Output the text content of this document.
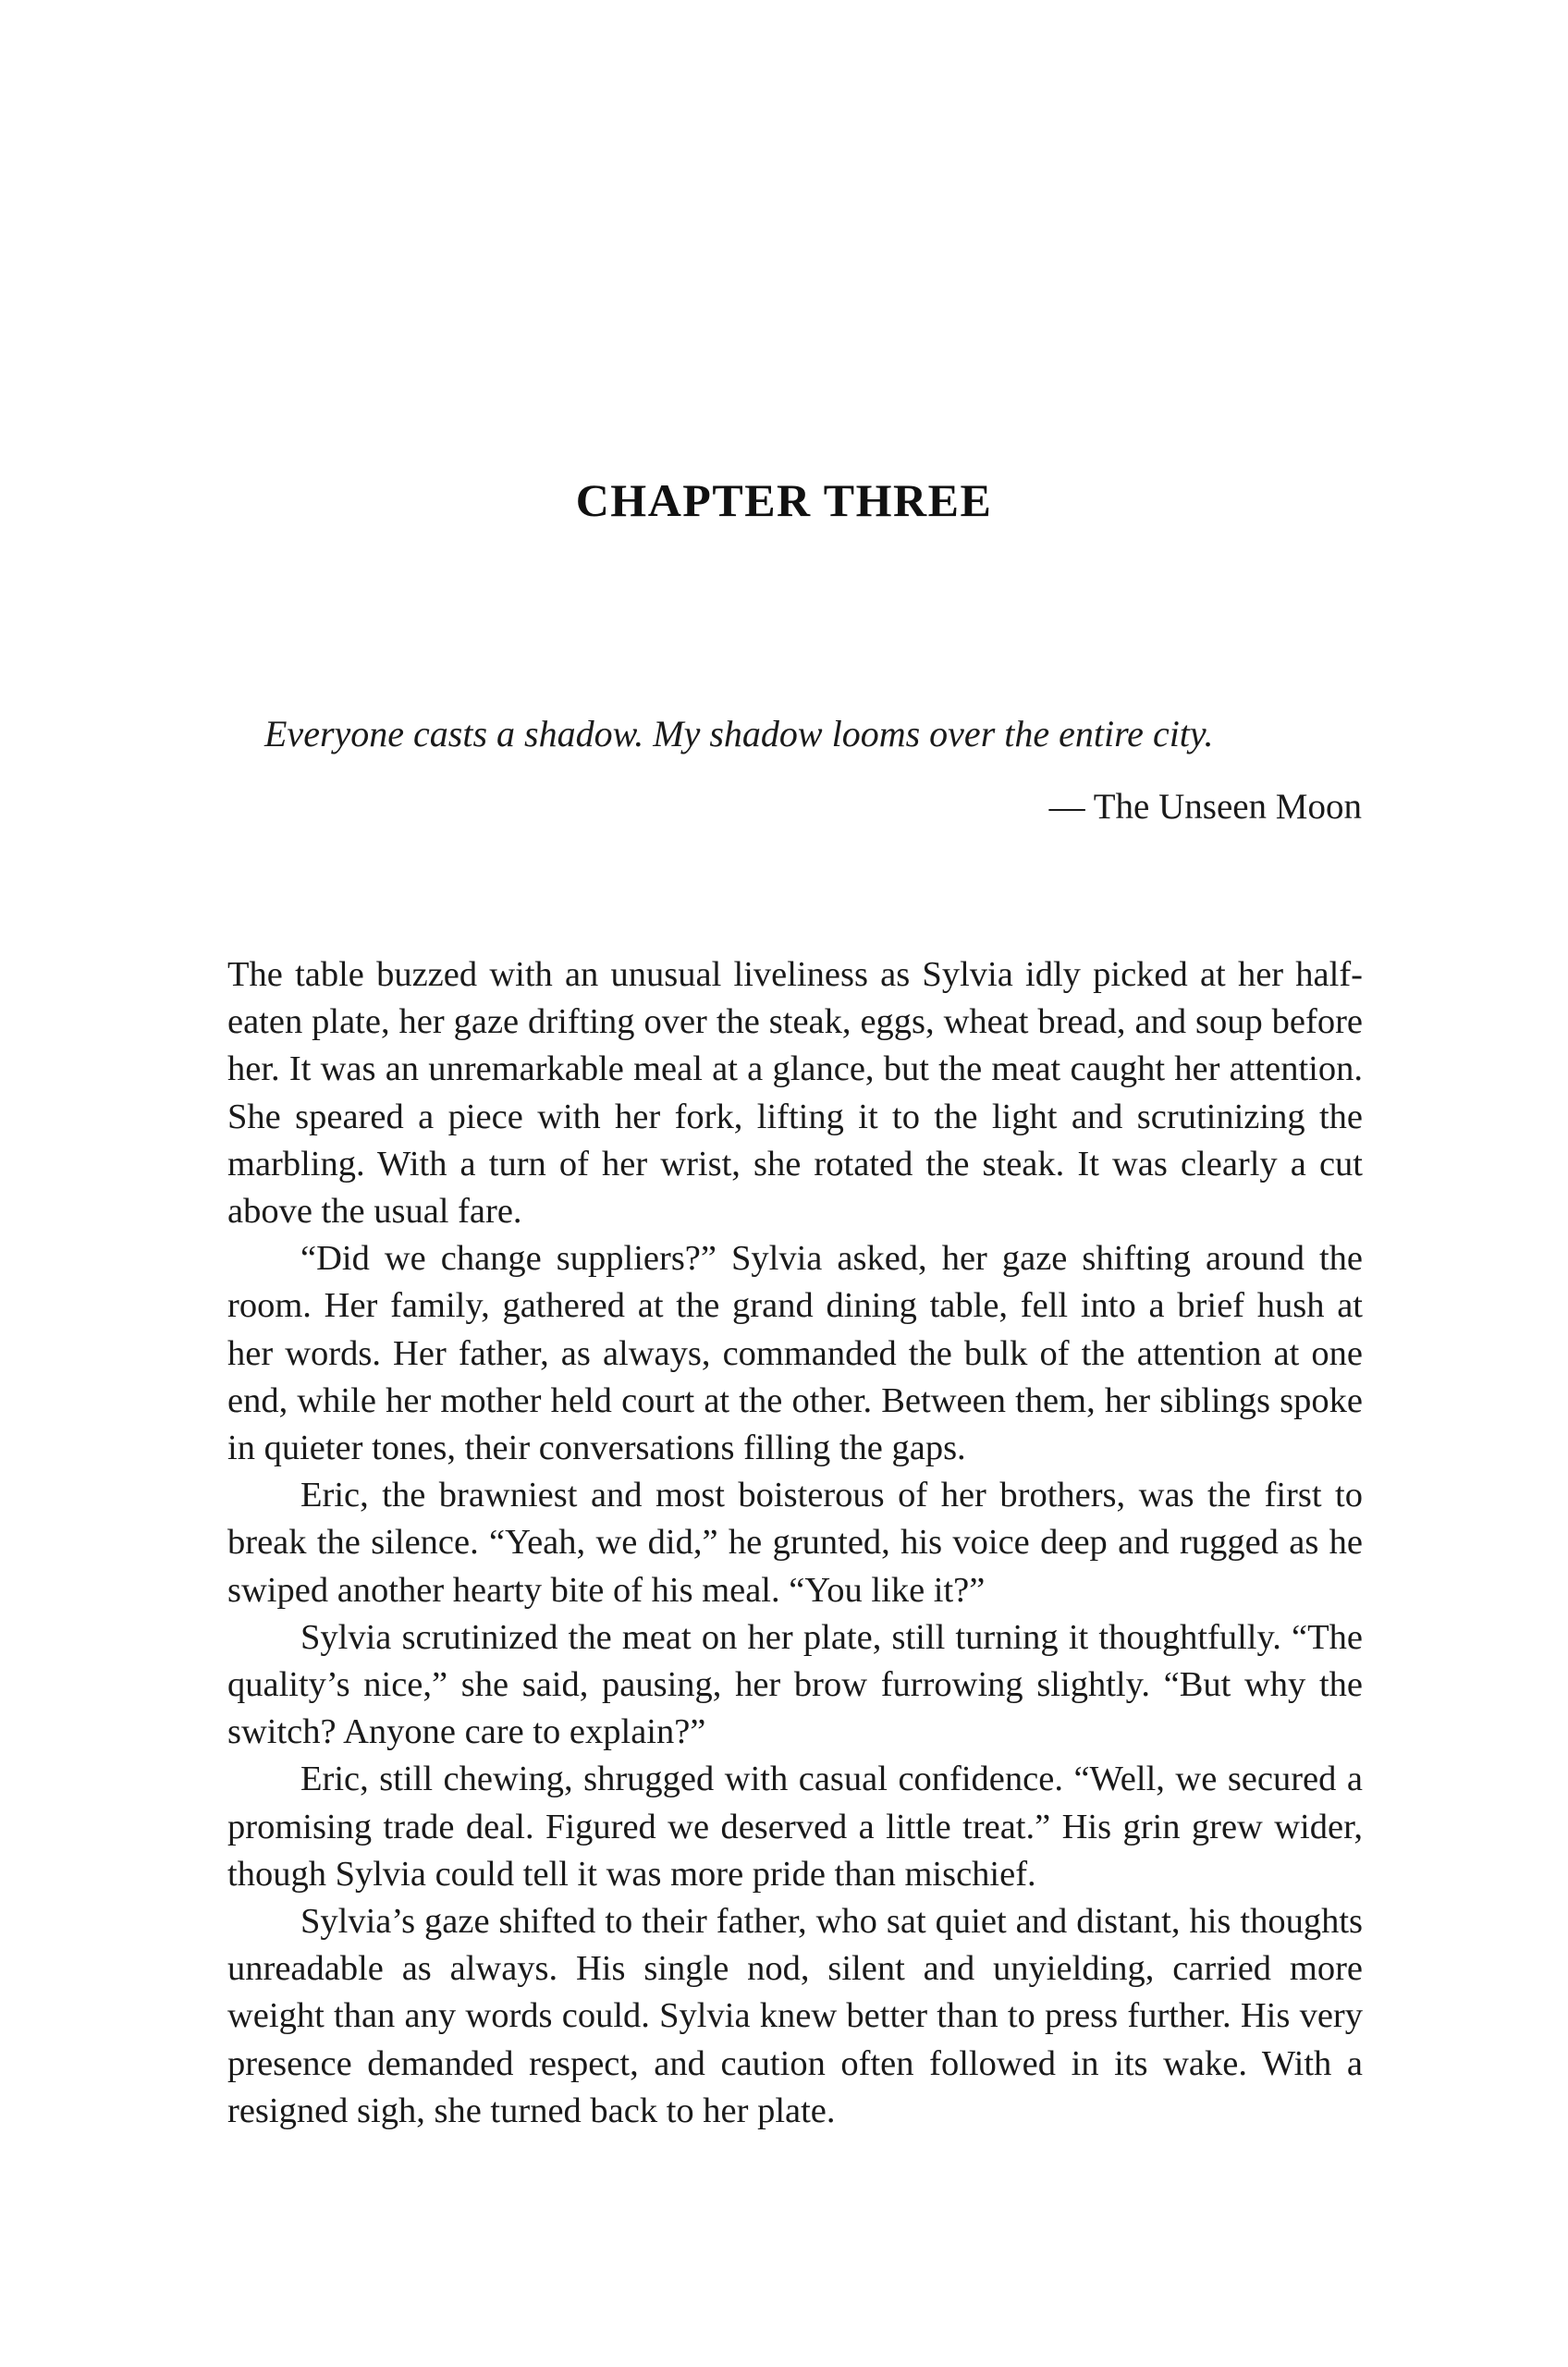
CHAPTER THREE

Everyone casts a shadow. My shadow looms over the entire city.

— The Unseen Moon

The table buzzed with an unusual liveliness as Sylvia idly picked at her half-eaten plate, her gaze drifting over the steak, eggs, wheat bread, and soup before her. It was an unremarkable meal at a glance, but the meat caught her attention. She speared a piece with her fork, lifting it to the light and scrutinizing the marbling. With a turn of her wrist, she rotated the steak. It was clearly a cut above the usual fare.

“Did we change suppliers?” Sylvia asked, her gaze shifting around the room. Her family, gathered at the grand dining table, fell into a brief hush at her words. Her father, as always, commanded the bulk of the attention at one end, while her mother held court at the other. Between them, her siblings spoke in quieter tones, their conversations filling the gaps.

Eric, the brawniest and most boisterous of her brothers, was the first to break the silence. “Yeah, we did,” he grunted, his voice deep and rugged as he swiped another hearty bite of his meal. “You like it?”

Sylvia scrutinized the meat on her plate, still turning it thoughtfully. “The quality’s nice,” she said, pausing, her brow furrowing slightly. “But why the switch? Anyone care to explain?”

Eric, still chewing, shrugged with casual confidence. “Well, we secured a promising trade deal. Figured we deserved a little treat.” His grin grew wider, though Sylvia could tell it was more pride than mischief.

Sylvia’s gaze shifted to their father, who sat quiet and distant, his thoughts unreadable as always. His single nod, silent and unyielding, carried more weight than any words could. Sylvia knew better than to press further. His very presence demanded respect, and caution often followed in its wake. With a resigned sigh, she turned back to her plate.
